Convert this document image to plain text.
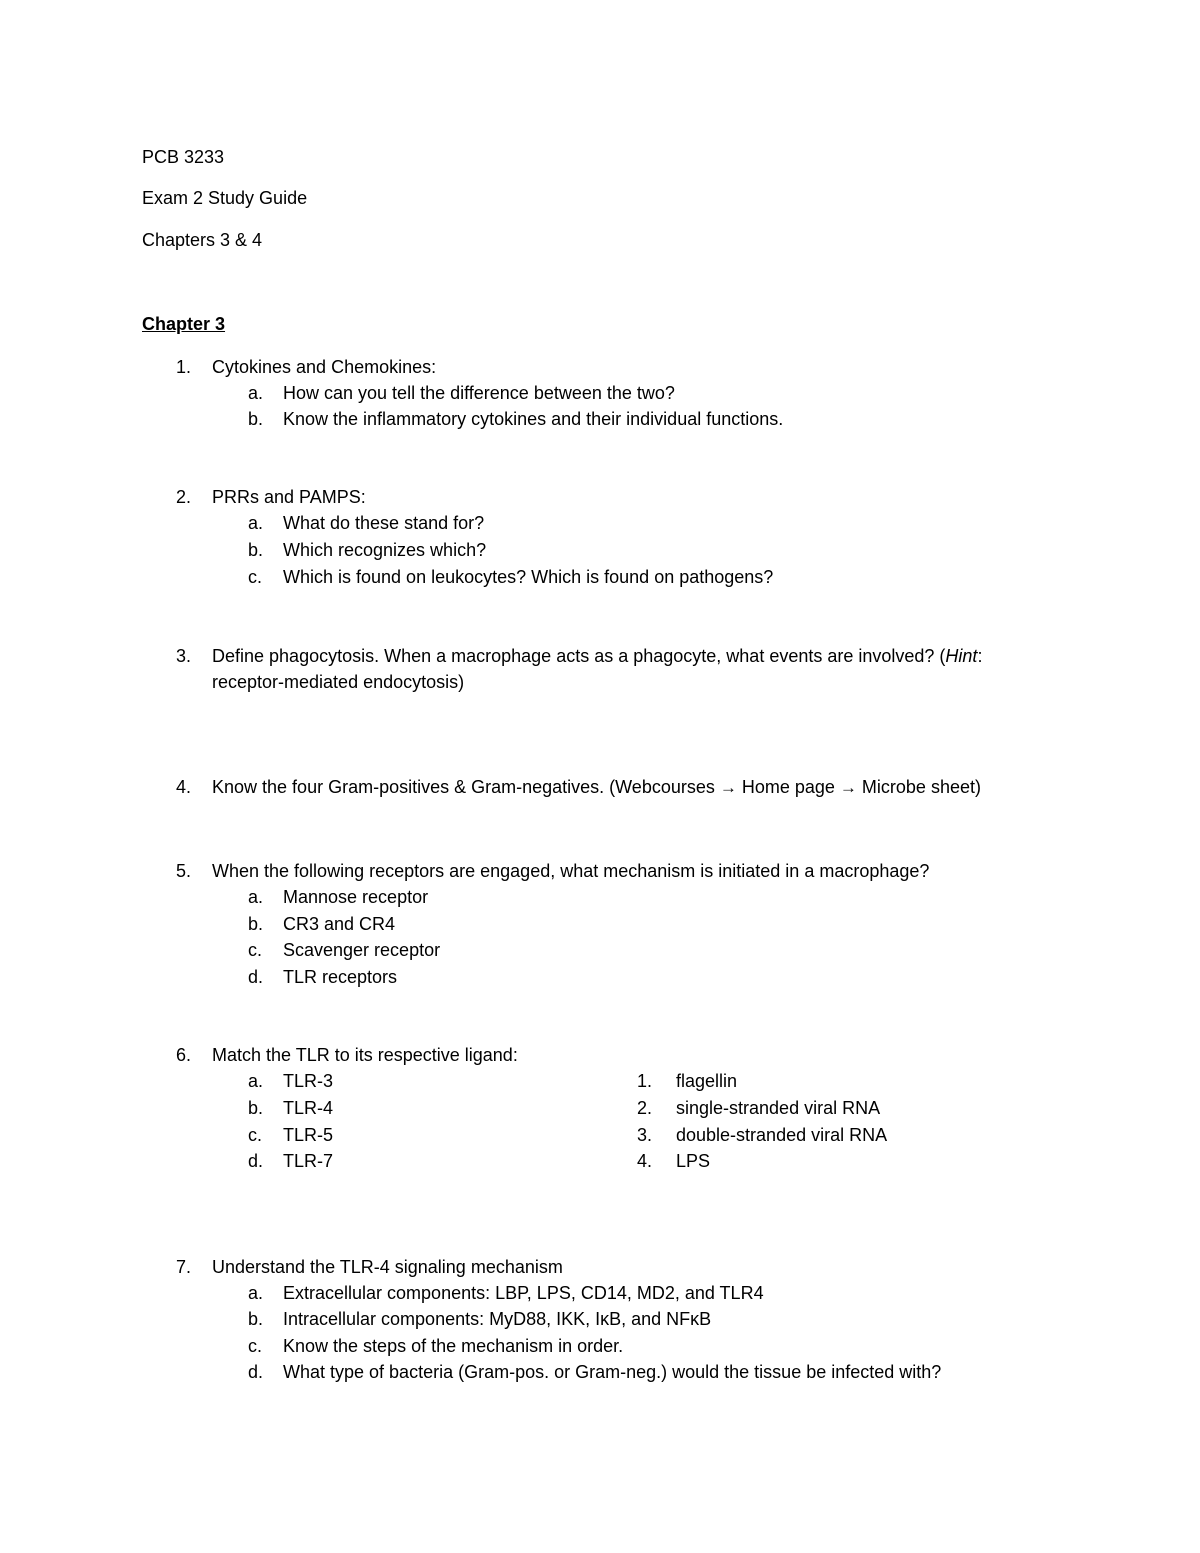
PCB 3233
Exam 2 Study Guide
Chapters 3 & 4
Chapter 3
1. Cytokines and Chemokines:
a. How can you tell the difference between the two?
b. Know the inflammatory cytokines and their individual functions.
2. PRRs and PAMPS:
a. What do these stand for?
b. Which recognizes which?
c. Which is found on leukocytes? Which is found on pathogens?
3. Define phagocytosis. When a macrophage acts as a phagocyte, what events are involved? (Hint:
receptor-mediated endocytosis)
4. Know the four Gram-positives & Gram-negatives. (Webcourses → Home page → Microbe sheet)
5. When the following receptors are engaged, what mechanism is initiated in a macrophage?
a. Mannose receptor
b. CR3 and CR4
c. Scavenger receptor
d. TLR receptors
6. Match the TLR to its respective ligand:
a. TLR-3
b. TLR-4
c. TLR-5
d. TLR-7
1. flagellin
2. single-stranded viral RNA
3. double-stranded viral RNA
4. LPS
7. Understand the TLR-4 signaling mechanism
a. Extracellular components: LBP, LPS, CD14, MD2, and TLR4
b. Intracellular components: MyD88, IKK, IκB, and NFκB
c. Know the steps of the mechanism in order.
d. What type of bacteria (Gram-pos. or Gram-neg.) would the tissue be infected with?
